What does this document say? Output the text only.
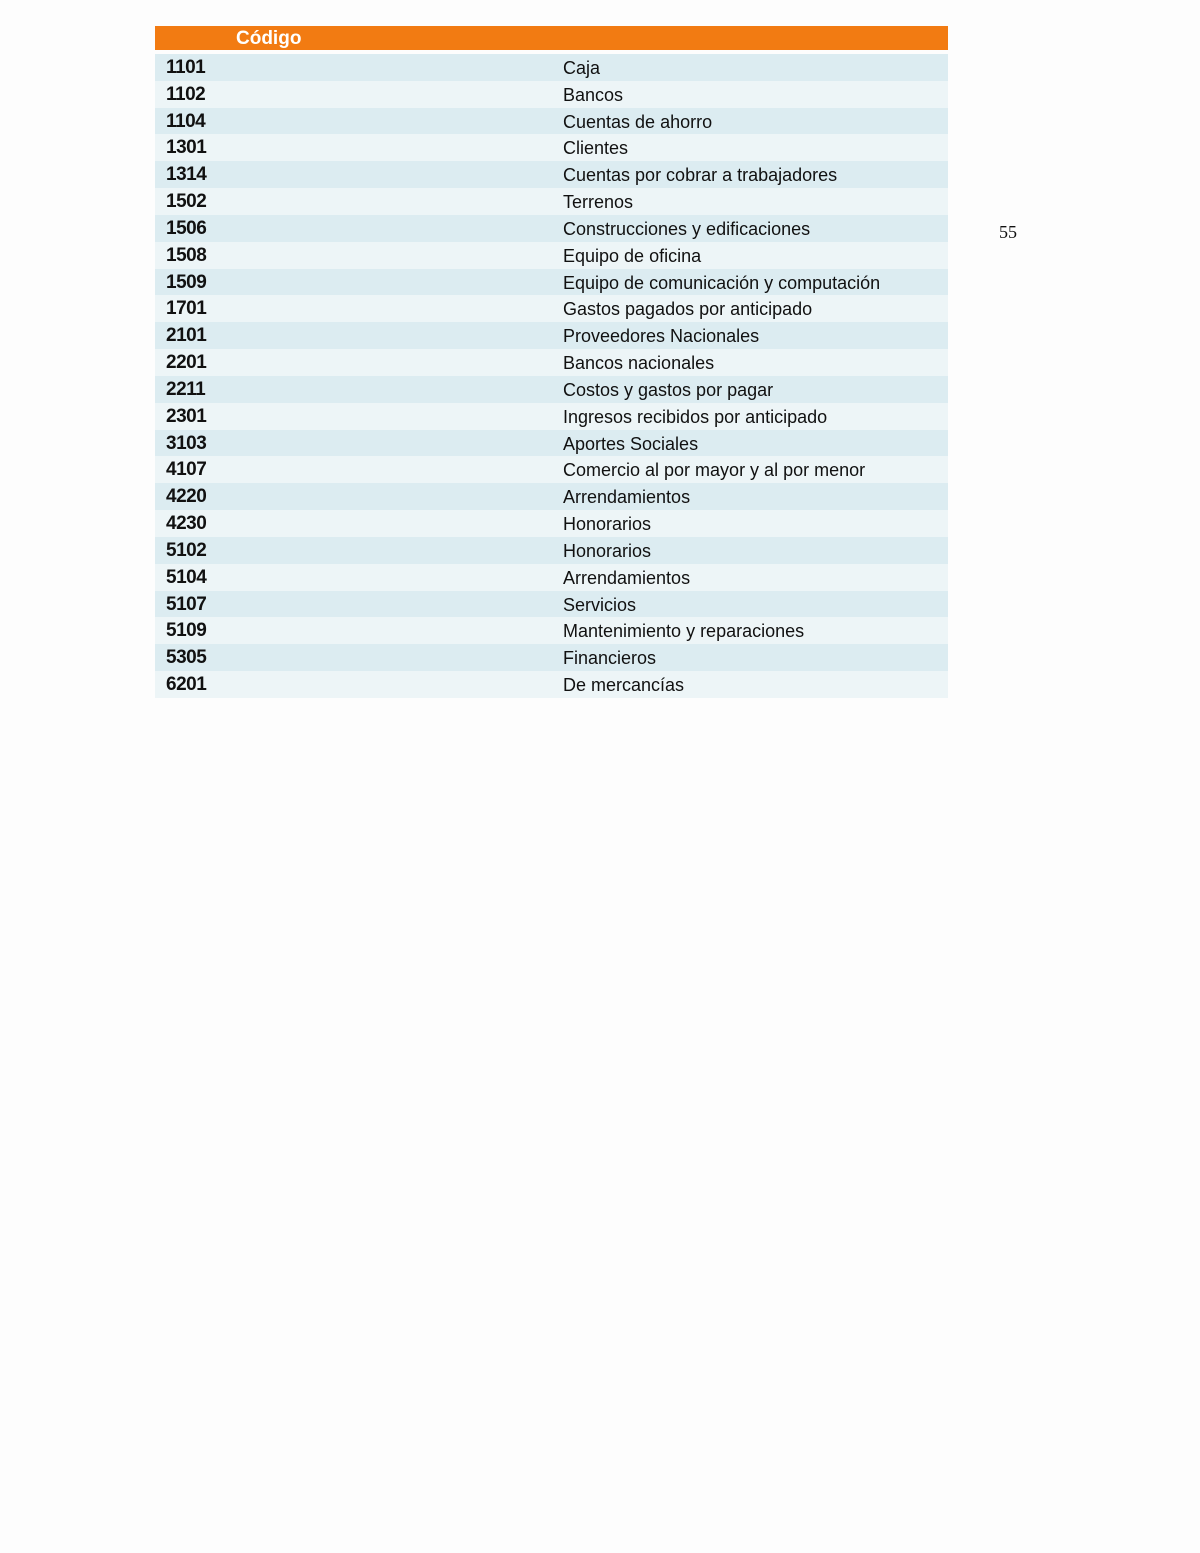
Código
1101	Caja
1102	Bancos
1104	Cuentas de ahorro
1301	Clientes
1314	Cuentas por cobrar a trabajadores
1502	Terrenos
1506	Construcciones y edificaciones
1508	Equipo de oficina
1509	Equipo de comunicación y computación
1701	Gastos pagados por anticipado
2101	Proveedores Nacionales
2201	Bancos nacionales
2211	Costos y gastos por pagar
2301	Ingresos recibidos por anticipado
3103	Aportes Sociales
4107	Comercio al por mayor y al por menor
4220	Arrendamientos
4230	Honorarios
5102	Honorarios
5104	Arrendamientos
5107	Servicios
5109	Mantenimiento y reparaciones
5305	Financieros
6201	De mercancías
55
